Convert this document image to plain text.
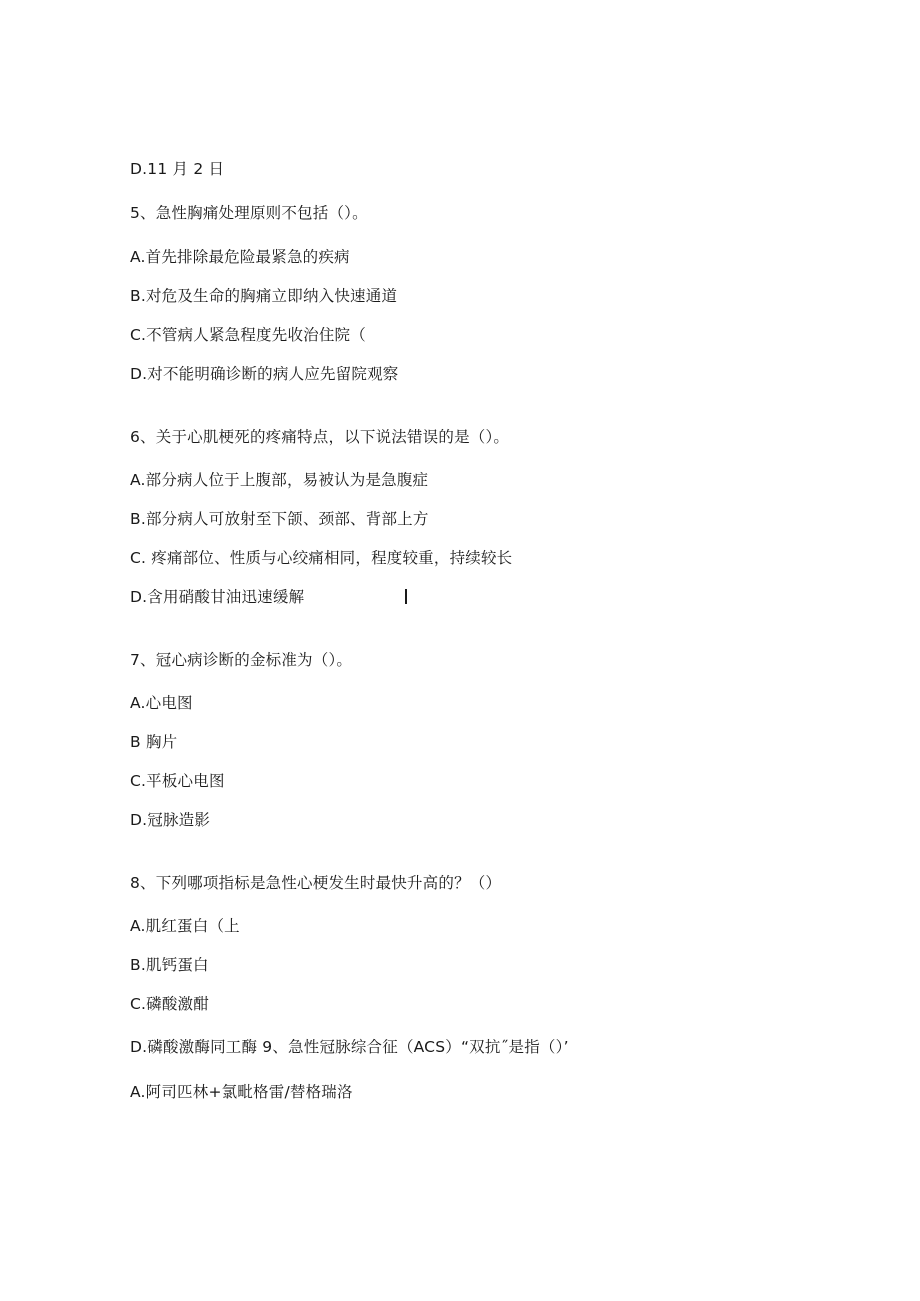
D.11 月 2 日
5、急性胸痛处理原则不包括（）。
A.首先排除最危险最紧急的疾病
B.对危及生命的胸痛立即纳入快速通道
C.不管病人紧急程度先收治住院（
D.对不能明确诊断的病人应先留院观察
6、关于心肌梗死的疼痛特点，以下说法错误的是（）。
A.部分病人位于上腹部，易被认为是急腹症
B.部分病人可放射至下颌、颈部、背部上方
C. 疼痛部位、性质与心绞痛相同，程度较重，持续较长
D.含用硝酸甘油迅速缓解
7、冠心病诊断的金标准为（）。
A.心电图
B 胸片
C.平板心电图
D.冠脉造影
8、下列哪项指标是急性心梗发生时最快升高的？（）
A.肌红蛋白（上
B.肌钙蛋白
C.磷酸激酣
D.磷酸激酶同工酶 9、急性冠脉综合征（ACS）“双抗˝是指（）’
A.阿司匹林+氯毗格雷/替格瑞洛
